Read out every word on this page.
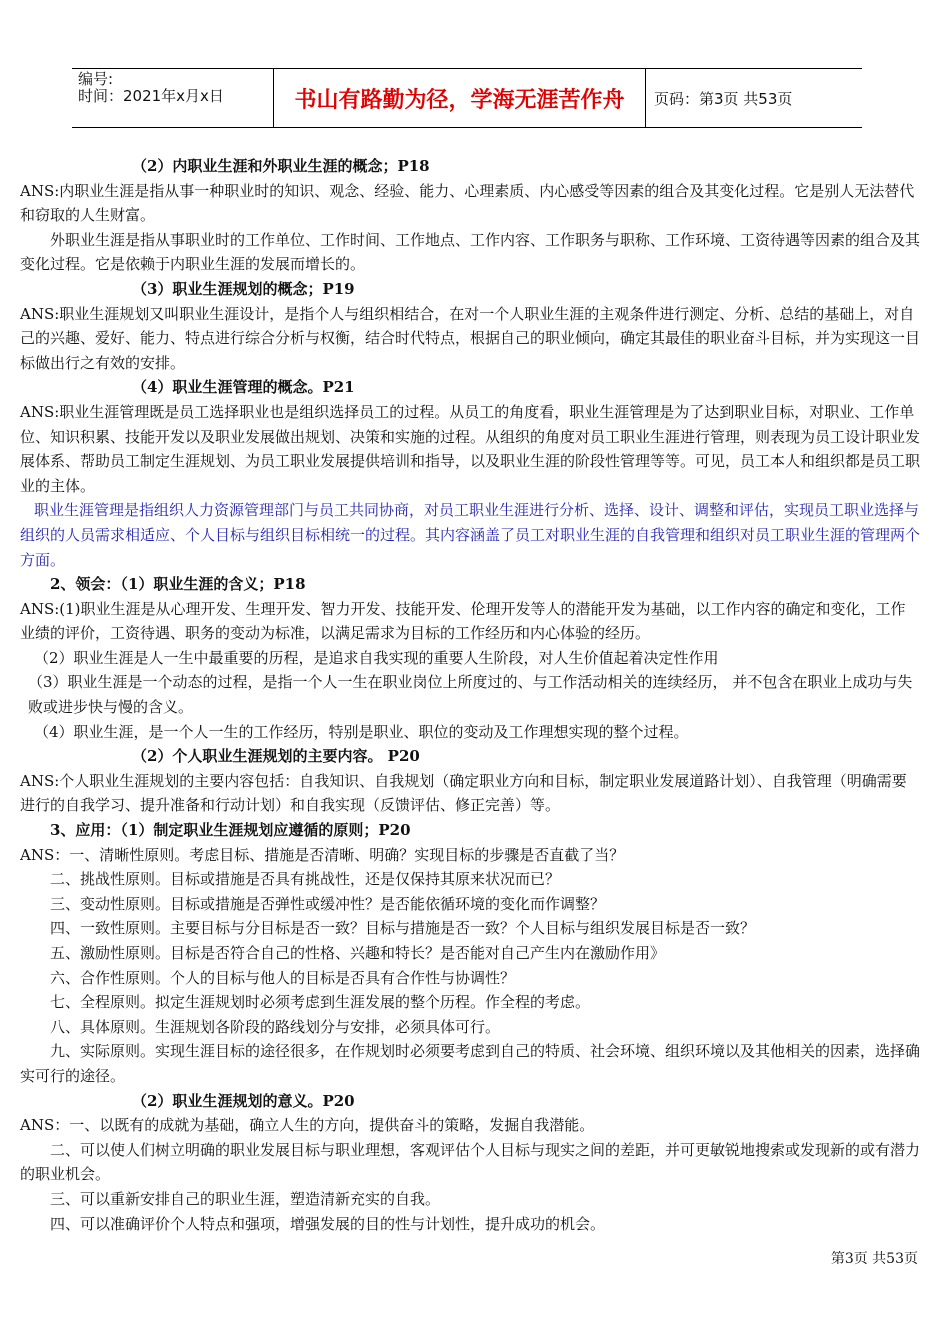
编号:
时间：2021年x月x日	书山有路勤为径，学海无涯苦作舟 页码：第3页 共53页

（2）内职业生涯和外职业生涯的概念；P18

ANS:内职业生涯是指从事一种职业时的知识、观念、经验、能力、心理素质、内心感受等因素的组合及其变化过程。它是别人无法替代和窃取的人生财富。

外职业生涯是指从事职业时的工作单位、工作时间、工作地点、工作内容、工作职务与职称、工作环境、工资待遇等因素的组合及其变化过程。它是依赖于内职业生涯的发展而增长的。

（3）职业生涯规划的概念；P19

ANS:职业生涯规划又叫职业生涯设计，是指个人与组织相结合，在对一个人职业生涯的主观条件进行测定、分析、总结的基础上，对自己的兴趣、爱好、能力、特点进行综合分析与权衡，结合时代特点，根据自己的职业倾向，确定其最佳的职业奋斗目标，并为实现这一目标做出行之有效的安排。

（4）职业生涯管理的概念。P21

ANS:职业生涯管理既是员工选择职业也是组织选择员工的过程。从员工的角度看，职业生涯管理是为了达到职业目标，对职业、工作单位、知识积累、技能开发以及职业发展做出规划、决策和实施的过程。从组织的角度对员工职业生涯进行管理，则表现为员工设计职业发展体系、帮助员工制定生涯规划、为员工职业发展提供培训和指导，以及职业生涯的阶段性管理等等。可见，员工本人和组织都是员工职业的主体。

职业生涯管理是指组织人力资源管理部门与员工共同协商，对员工职业生涯进行分析、选择、设计、调整和评估，实现员工职业选择与组织的人员需求相适应、个人目标与组织目标相统一的过程。其内容涵盖了员工对职业生涯的自我管理和组织对员工职业生涯的管理两个方面。

2、领会：（1）职业生涯的含义；P18

ANS:(1)职业生涯是从心理开发、生理开发、智力开发、技能开发、伦理开发等人的潜能开发为基础，以工作内容的确定和变化，工作业绩的评价，工资待遇、职务的变动为标准，以满足需求为目标的工作经历和内心体验的经历。

（2）职业生涯是人一生中最重要的历程，是追求自我实现的重要人生阶段，对人生价值起着决定性作用

（3）职业生涯是一个动态的过程，是指一个人一生在职业岗位上所度过的、与工作活动相关的连续经历， 并不包含在职业上成功与失败或进步快与慢的含义。

（4）职业生涯，是一个人一生的工作经历，特别是职业、职位的变动及工作理想实现的整个过程。

（2）个人职业生涯规划的主要内容。 P20

ANS:个人职业生涯规划的主要内容包括：自我知识、自我规划（确定职业方向和目标，制定职业发展道路计划）、自我管理（明确需要进行的自我学习、提升准备和行动计划）和自我实现（反馈评估、修正完善）等。

3、应用：（1）制定职业生涯规划应遵循的原则；P20

ANS：一、清晰性原则。考虑目标、措施是否清晰、明确？实现目标的步骤是否直截了当？

二、挑战性原则。目标或措施是否具有挑战性，还是仅保持其原来状况而已？

三、变动性原则。目标或措施是否弹性或缓冲性？是否能依循环境的变化而作调整？

四、一致性原则。主要目标与分目标是否一致？目标与措施是否一致？个人目标与组织发展目标是否一致？

五、激励性原则。目标是否符合自己的性格、兴趣和特长？是否能对自己产生内在激励作用》

六、合作性原则。个人的目标与他人的目标是否具有合作性与协调性？

七、全程原则。拟定生涯规划时必须考虑到生涯发展的整个历程。作全程的考虑。

八、具体原则。生涯规划各阶段的路线划分与安排，必须具体可行。

九、实际原则。实现生涯目标的途径很多，在作规划时必须要考虑到自己的特质、社会环境、组织环境以及其他相关的因素，选择确实可行的途径。

（2）职业生涯规划的意义。P20

ANS：一、以既有的成就为基础，确立人生的方向，提供奋斗的策略，发掘自我潜能。

二、可以使人们树立明确的职业发展目标与职业理想，客观评估个人目标与现实之间的差距，并可更敏锐地搜索或发现新的或有潜力的职业机会。

三、可以重新安排自己的职业生涯，塑造清新充实的自我。

四、可以准确评价个人特点和强项，增强发展的目的性与计划性，提升成功的机会。

第3页 共53页
